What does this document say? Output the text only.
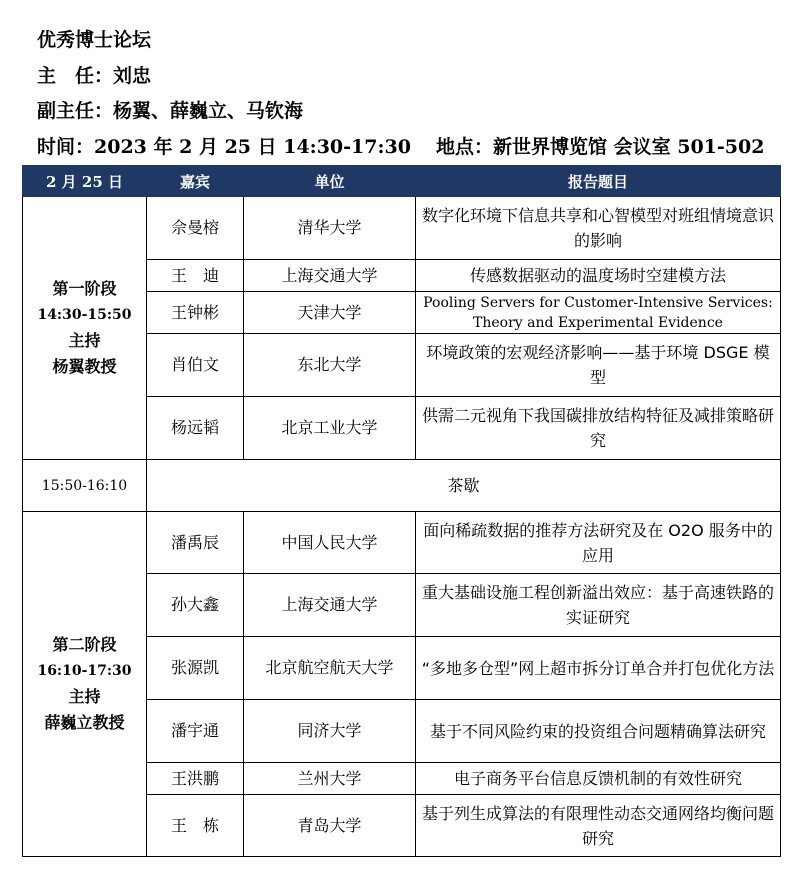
优秀博士论坛
主　任：刘忠
副主任：杨翼、薛巍立、马钦海
时间：2023 年 2 月 25 日 14:30-17:30 地点：新世界博览馆 会议室 501-502
2 月 25 日	嘉宾	单位	报告题目

第一阶段
14:30-15:50
主持
杨翼教授	佘曼榕	清华大学	数字化环境下信息共享和心智模型对班组情境意识的影响
	王　迪	上海交通大学	传感数据驱动的温度场时空建模方法
	王钟彬	天津大学	Pooling Servers for Customer-Intensive Services: Theory and Experimental Evidence
	肖伯文	东北大学	环境政策的宏观经济影响——基于环境 DSGE 模型
	杨远韬	北京工业大学	供需二元视角下我国碳排放结构特征及减排策略研究
15:50-16:10	茶歇		

第二阶段
16:10-17:30
主持
薛巍立教授	潘禹辰	中国人民大学	面向稀疏数据的推荐方法研究及在 O2O 服务中的应用
	孙大鑫	上海交通大学	重大基础设施工程创新溢出效应：基于高速铁路的实证研究
	张源凯	北京航空航天大学	“多地多仓型”网上超市拆分订单合并打包优化方法
	潘宇通	同济大学	基于不同风险约束的投资组合问题精确算法研究
	王洪鹏	兰州大学	电子商务平台信息反馈机制的有效性研究
	王　栋	青岛大学	基于列生成算法的有限理性动态交通网络均衡问题研究
